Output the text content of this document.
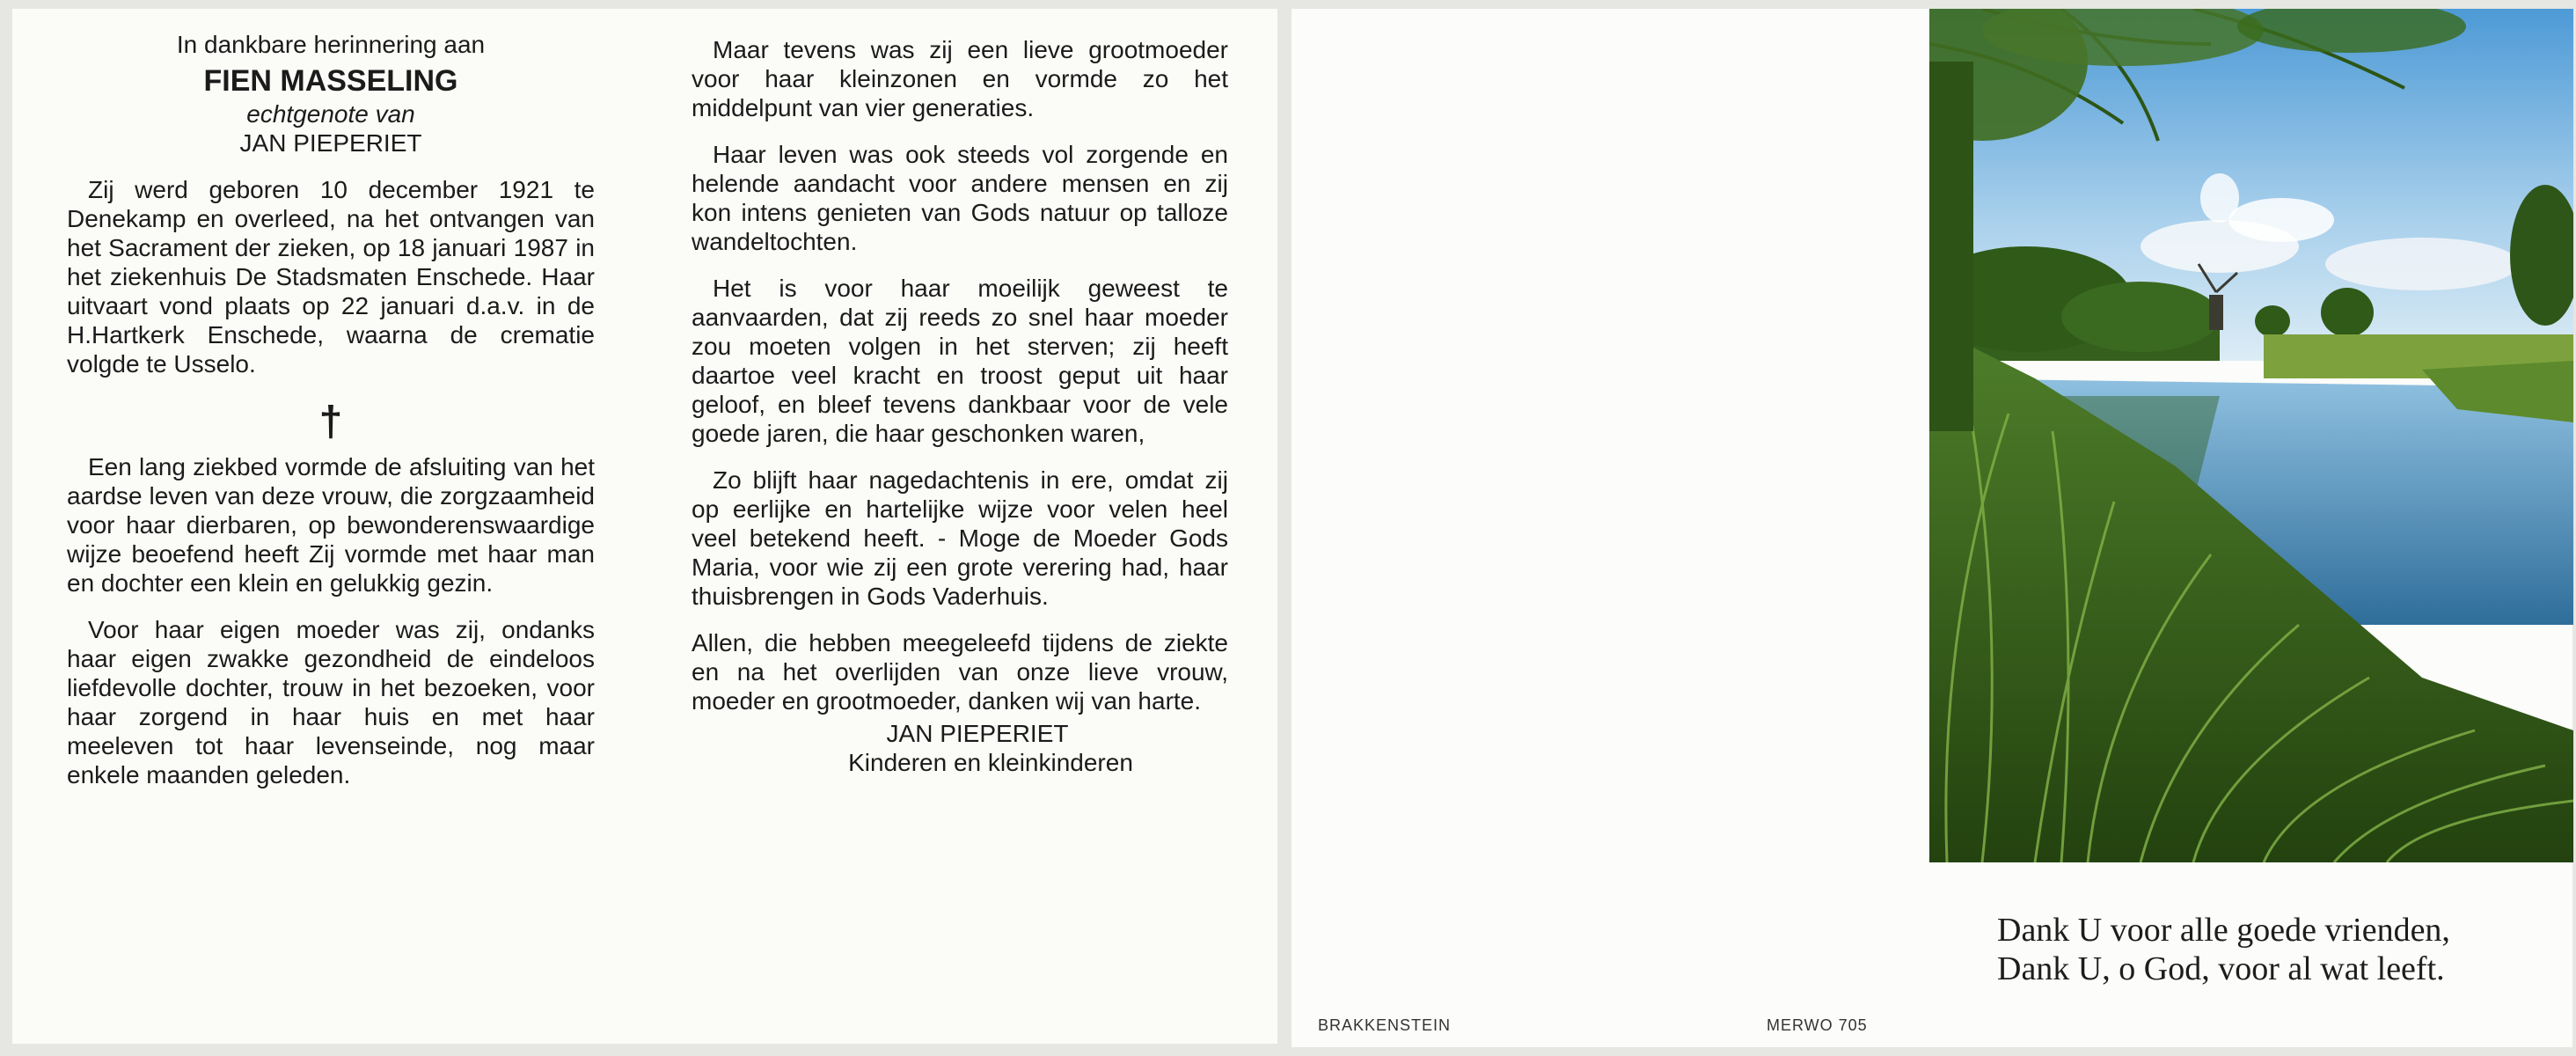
In dankbare herinnering aan
FIEN MASSELING
echtgenote van
JAN PIEPERIET
Zij werd geboren 10 december 1921 te Denekamp en overleed, na het ontvangen van het Sacrament der zieken, op 18 januari 1987 in het ziekenhuis De Stadsmaten Enschede. Haar uitvaart vond plaats op 22 januari d.a.v. in de H.Hartkerk Enschede, waarna de crematie volgde te Usselo.
†
Een lang ziekbed vormde de afsluiting van het aardse leven van deze vrouw, die zorgzaamheid voor haar dierbaren, op bewonderenswaardige wijze beoefend heeft Zij vormde met haar man en dochter een klein en gelukkig gezin.
Voor haar eigen moeder was zij, ondanks haar eigen zwakke gezondheid de eindeloos liefdevolle dochter, trouw in het bezoeken, voor haar zorgend in haar huis en met haar meeleven tot haar levenseinde, nog maar enkele maanden geleden.
Maar tevens was zij een lieve grootmoeder voor haar kleinzonen en vormde zo het middelpunt van vier generaties.
Haar leven was ook steeds vol zorgende en helende aandacht voor andere mensen en zij kon intens genieten van Gods natuur op talloze wandeltochten.
Het is voor haar moeilijk geweest te aanvaarden, dat zij reeds zo snel haar moeder zou moeten volgen in het sterven; zij heeft daartoe veel kracht en troost geput uit haar geloof, en bleef tevens dankbaar voor de vele goede jaren, die haar geschonken waren,
Zo blijft haar nagedachtenis in ere, omdat zij op eerlijke en hartelijke wijze voor velen heel veel betekend heeft. - Moge de Moeder Gods Maria, voor wie zij een grote verering had, haar thuisbrengen in Gods Vaderhuis.
Allen, die hebben meegeleefd tijdens de ziekte en na het overlijden van onze lieve vrouw, moeder en grootmoeder, danken wij van harte.
JAN PIEPERIET
Kinderen en kleinkinderen
Dank U voor alle goede vrienden,
Dank U, o God, voor al wat leeft.
BRAKKENSTEIN	MERWO 705
